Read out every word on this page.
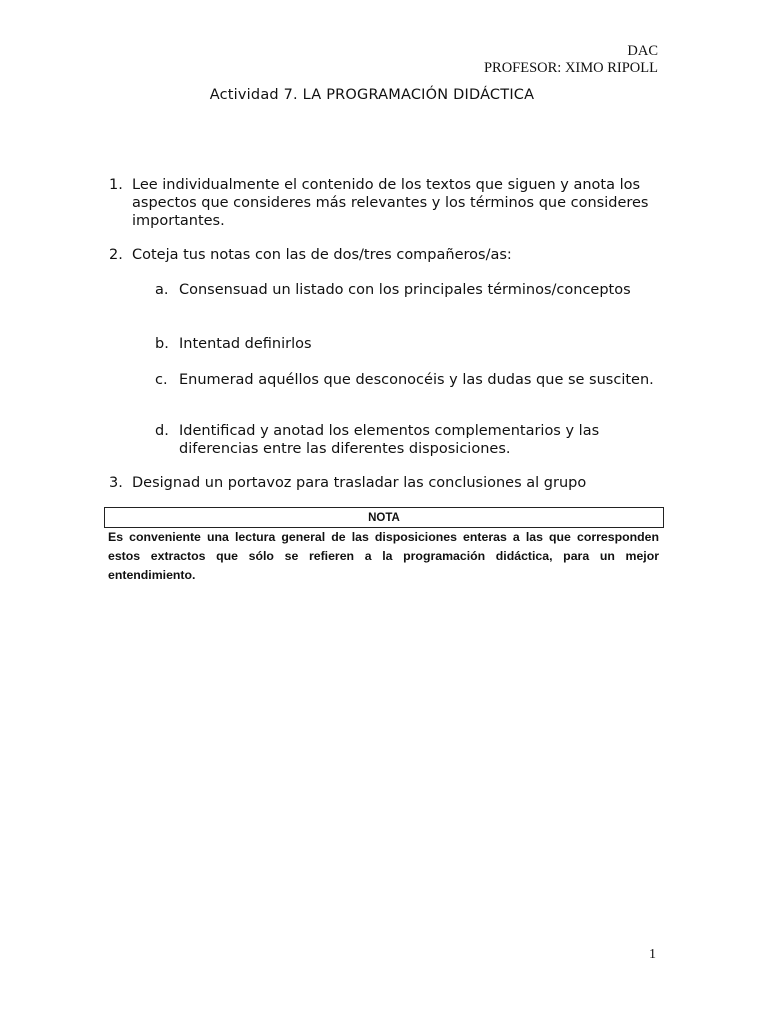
DAC
PROFESOR: XIMO RIPOLL
Actividad 7. LA PROGRAMACIÓN DIDÁCTICA
1. Lee individualmente el contenido de los textos que siguen y anota los aspectos que consideres más relevantes y los términos que consideres importantes.
2. Coteja tus notas con las de dos/tres compañeros/as:
a. Consensuad un listado con los principales términos/conceptos
b. Intentad definirlos
c. Enumerad aquéllos que desconocéis y las dudas que se susciten.
d. Identificad y anotad los elementos complementarios y las diferencias entre las diferentes disposiciones.
3. Designad un portavoz para trasladar las conclusiones al grupo
NOTA
Es conveniente una lectura general de las disposiciones enteras a las que corresponden estos extractos que sólo se refieren a la programación didáctica, para un mejor entendimiento.
1
